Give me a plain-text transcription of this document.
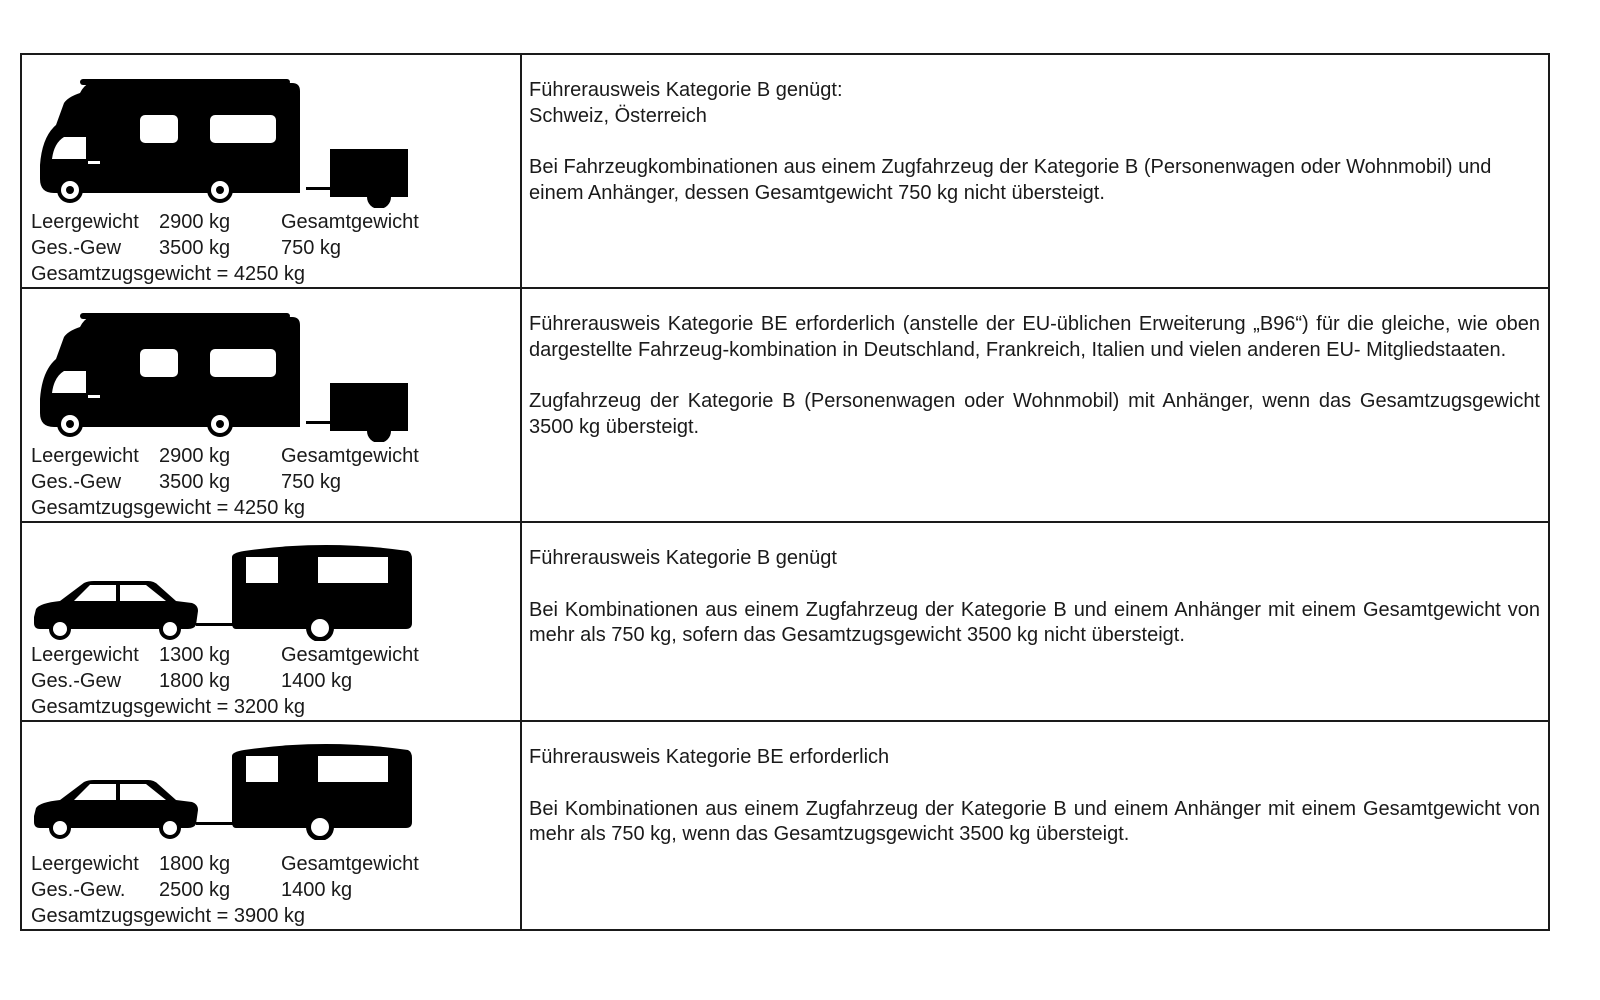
Leergewicht 2900 kg	Gesamtgewicht
Ges.-Gew 3500 kg	750 kg
Gesamtzugsgewicht = 4250 kg

Führerausweis Kategorie B genügt:

Schweiz, Österreich

Bei Fahrzeugkombinationen aus einem Zugfahrzeug der Kategorie B (Personenwagen oder Wohnmobil) und einem Anhänger, dessen Gesamtgewicht 750 kg nicht übersteigt.

Leergewicht 2900 kg	Gesamtgewicht
Ges.-Gew 3500 kg	750 kg
Gesamtzugsgewicht = 4250 kg

Führerausweis Kategorie BE erforderlich (anstelle der EU-üblichen Erweiterung „B96“) für die gleiche, wie oben dargestellte Fahrzeug-kombination in Deutschland, Frankreich, Italien und vielen anderen EU- Mitgliedstaaten.

Zugfahrzeug der Kategorie B (Personenwagen oder Wohnmobil) mit Anhänger, wenn das Gesamtzugsgewicht 3500 kg übersteigt.

Leergewicht 1300 kg	Gesamtgewicht
Ges.-Gew 1800 kg	1400 kg
Gesamtzugsgewicht = 3200 kg

Führerausweis Kategorie B genügt

Bei Kombinationen aus einem Zugfahrzeug der Kategorie B und einem Anhänger mit einem Gesamtgewicht von mehr als 750 kg, sofern das Gesamtzugsgewicht 3500 kg nicht übersteigt.

Leergewicht 1800 kg	Gesamtgewicht
Ges.-Gew. 2500 kg	1400 kg
Gesamtzugsgewicht = 3900 kg

Führerausweis Kategorie BE erforderlich

Bei Kombinationen aus einem Zugfahrzeug der Kategorie B und einem Anhänger mit einem Gesamtgewicht von mehr als 750 kg, wenn das Gesamtzugsgewicht 3500 kg übersteigt.
